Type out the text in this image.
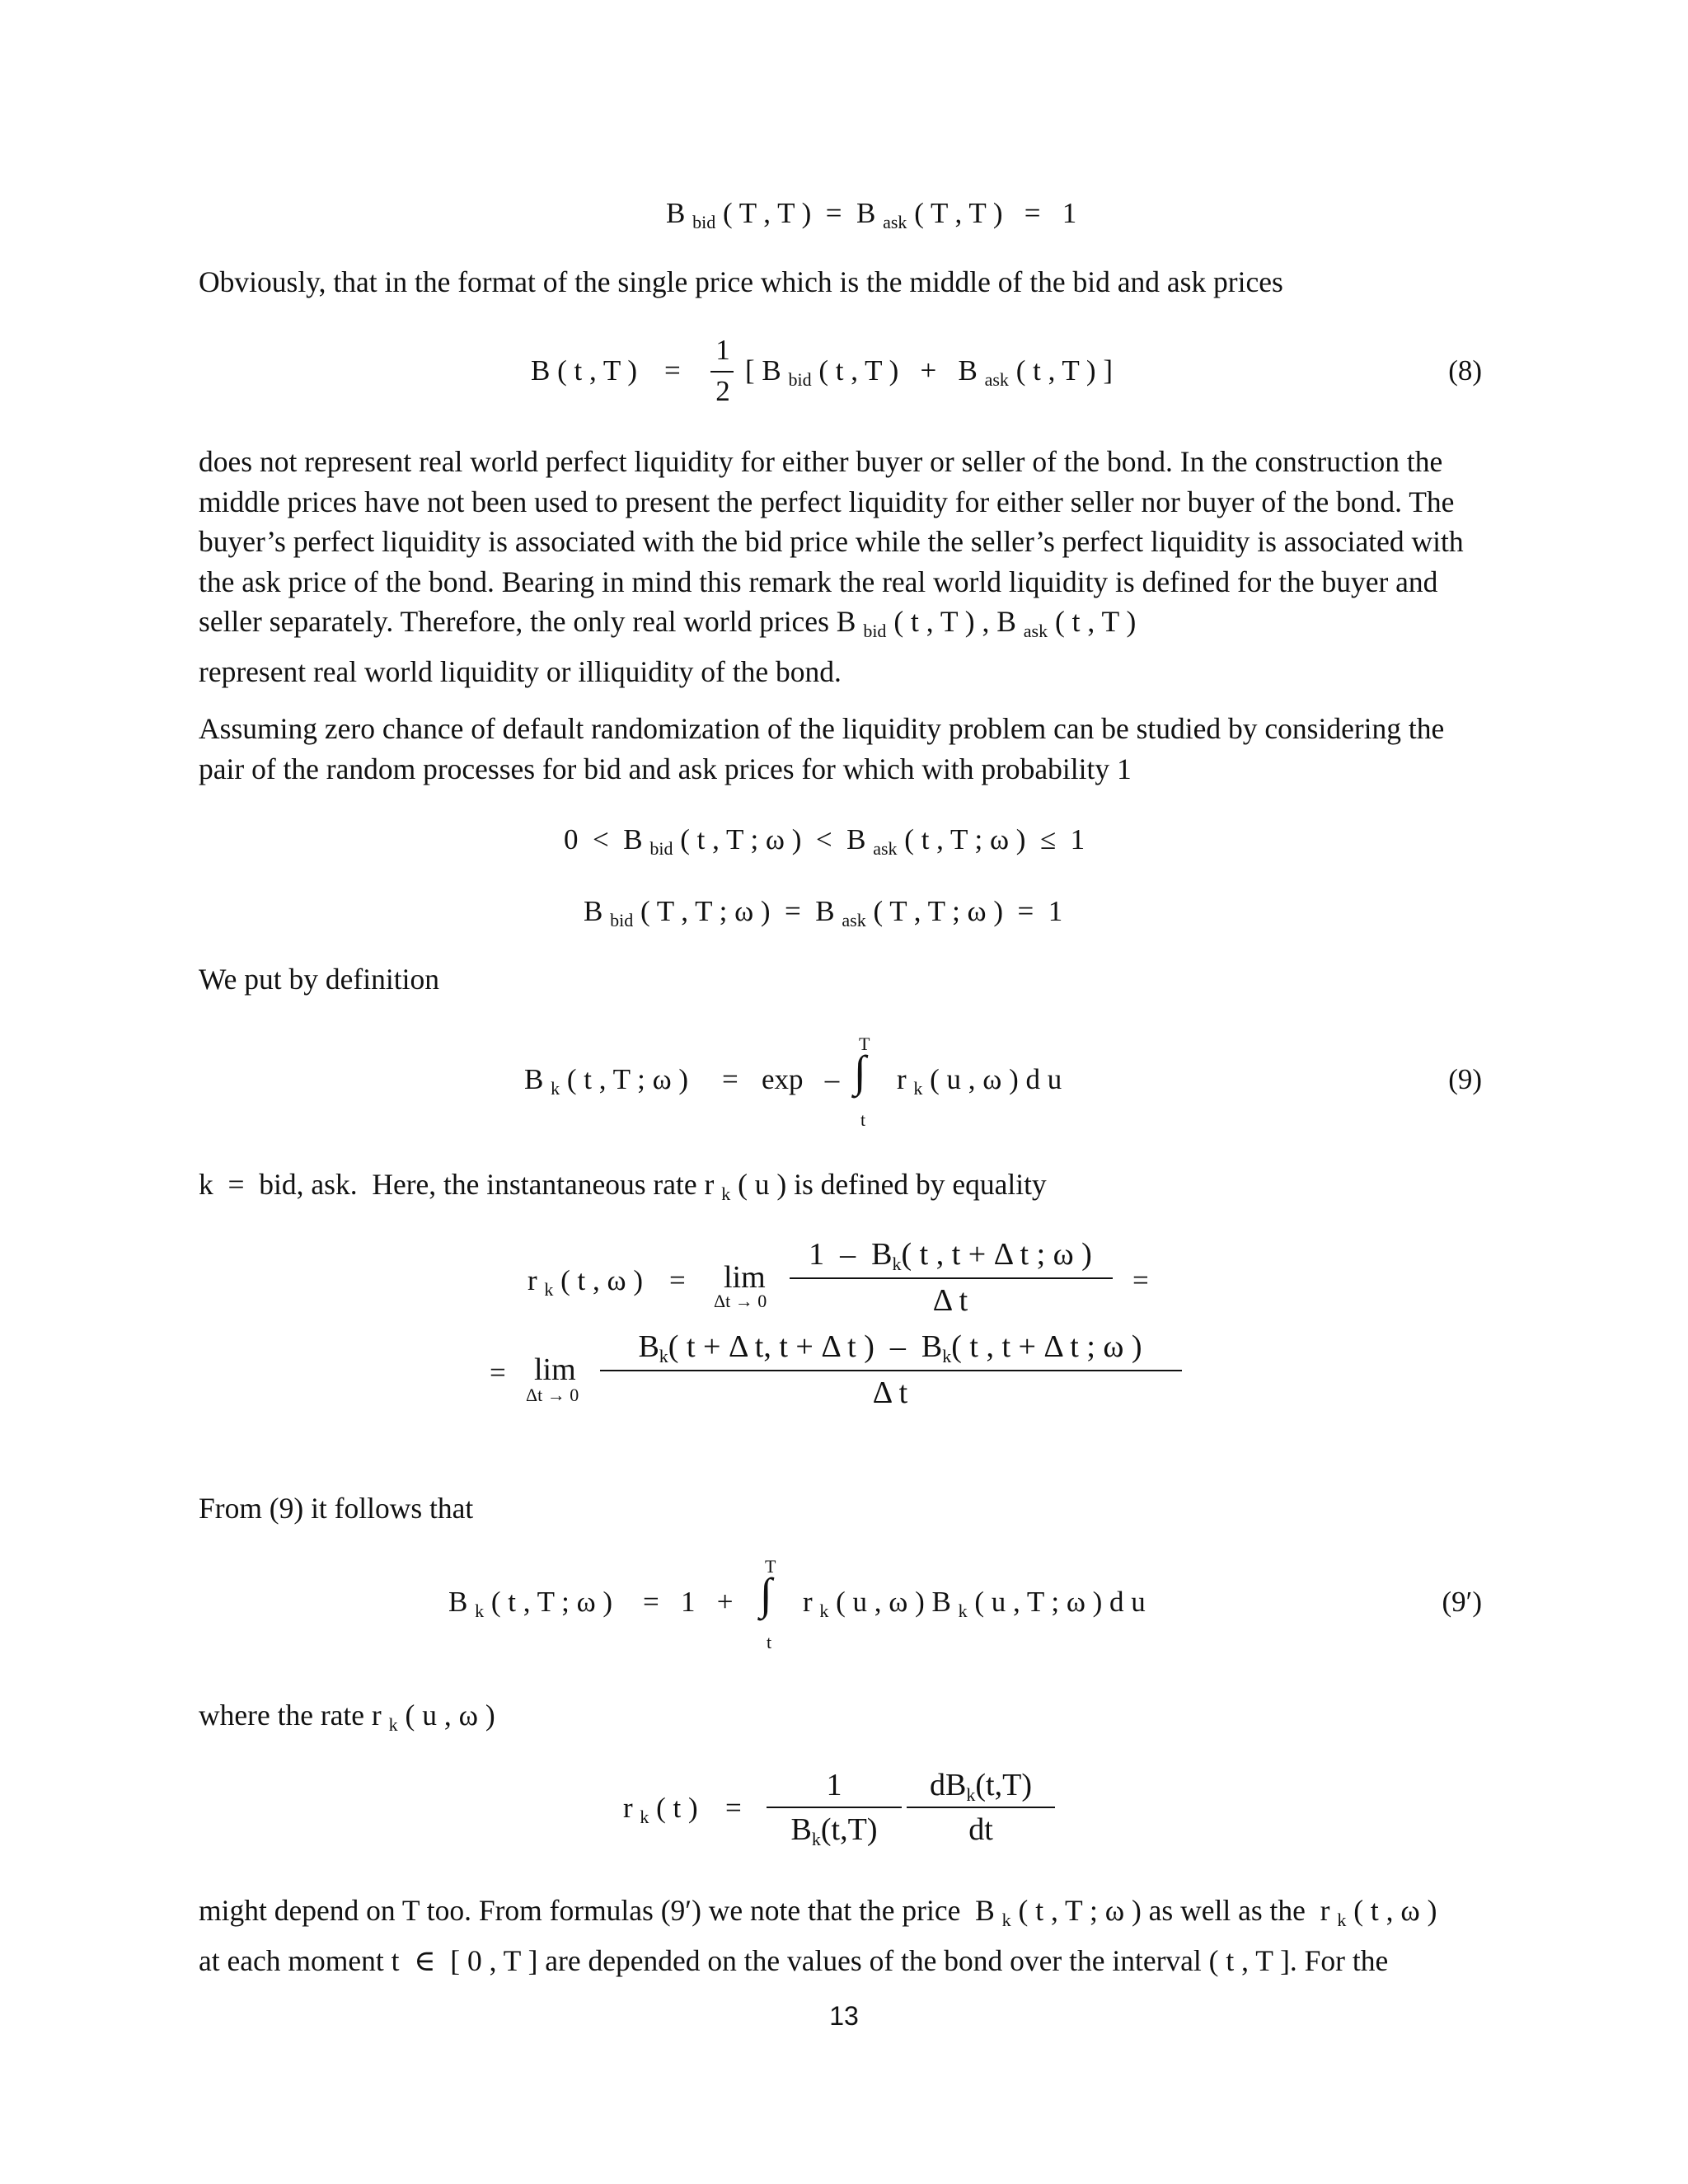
B $_{bid}$ ( T , T )  =  B $_{ask}$ ( T , T )   =   1
Obviously, that in the format of the single price which is the middle of the bid and ask prices
B ( t , T ) =
1
2
[ B $_{bid}$ ( t , T )   +   B $_{ask}$ ( t , T ) ]	(8)
does not represent real world perfect liquidity for either buyer or seller of the bond. In the construction the middle prices have not been used to present the perfect liquidity for either seller nor buyer of the bond. The buyer’s perfect liquidity is associated with the bid price while the seller’s perfect liquidity is associated with the ask price of the bond. Bearing in mind this remark the real world liquidity is defined for the buyer and seller separately. Therefore, the only real world prices B $_{bid}$ ( t , T ) , B $_{ask}$ ( t , T )
represent real world liquidity or illiquidity of the bond.
Assuming zero chance of default randomization of the liquidity problem can be studied by considering the pair of the random processes for bid and ask prices for which with probability 1
0  <  B $_{bid}$ ( t , T ; ω )  <  B $_{ask}$ ( t , T ; ω )  ≤  1
B $_{bid}$ ( T , T ; ω )  =  B $_{ask}$ ( T , T ; ω )  =  1
We put by definition
B $_k$ ( t , T ; ω ) = exp   –
T
∫
t
r $_k$ ( u , ω ) d u	(9)
k  =  bid, ask.  Here, the instantaneous rate r $_k$ ( u ) is defined by equality
r $_k$ ( t , ω ) = lim
Δt → 0
$1 - B_k$( t , t + Δ t ; ω )
Δ t
=
= lim
Δt → 0
$B_k$( t + Δ t, t + Δ t )  –  $B_k$( t , t + Δ t ; ω )
Δ t
From (9) it follows that
B $_k$ ( t , T ; ω ) =   1   +
T
∫
t
r $_k$ ( u , ω ) B $_k$ ( u , T ; ω ) d u	(9′)
where the rate r $_k$ ( u , ω )
r $_k$ ( t ) =
1
$B_k(t,T)$
$dB_k(t,T)$
dt
might depend on T too. From formulas (9′) we note that the price  B $_k$ ( t , T ; ω ) as well as the  r $_k$ ( t , ω )
at each moment t  ∈  [ 0 , T ] are depended on the values of the bond over the interval ( t , T ]. For the
13
